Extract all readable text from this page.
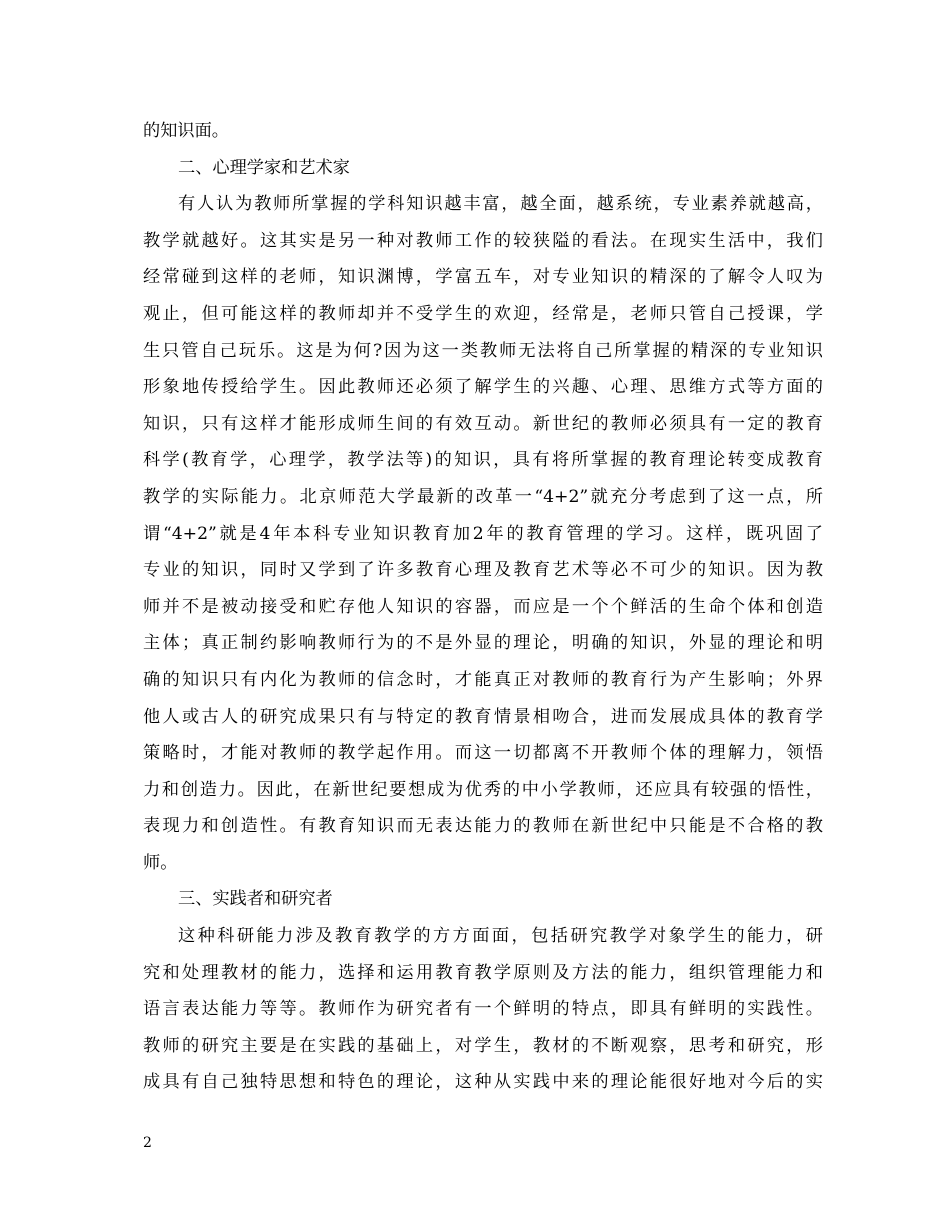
的知识面。
二、心理学家和艺术家
有人认为教师所掌握的学科知识越丰富，越全面，越系统，专业素养就越高，
教学就越好。这其实是另一种对教师工作的较狭隘的看法。在现实生活中，我们
经常碰到这样的老师，知识渊博，学富五车，对专业知识的精深的了解令人叹为
观止，但可能这样的教师却并不受学生的欢迎，经常是，老师只管自己授课，学
生只管自己玩乐。这是为何?因为这一类教师无法将自己所掌握的精深的专业知识
形象地传授给学生。因此教师还必须了解学生的兴趣、心理、思维方式等方面的
知识，只有这样才能形成师生间的有效互动。新世纪的教师必须具有一定的教育
科学(教育学，心理学，教学法等)的知识，具有将所掌握的教育理论转变成教育
教学的实际能力。北京师范大学最新的改革一“4+2”就充分考虑到了这一点，所
谓“4+2”就是4年本科专业知识教育加2年的教育管理的学习。这样，既巩固了
专业的知识，同时又学到了许多教育心理及教育艺术等必不可少的知识。因为教
师并不是被动接受和贮存他人知识的容器，而应是一个个鲜活的生命个体和创造
主体；真正制约影响教师行为的不是外显的理论，明确的知识，外显的理论和明
确的知识只有内化为教师的信念时，才能真正对教师的教育行为产生影响；外界
他人或古人的研究成果只有与特定的教育情景相吻合，进而发展成具体的教育学
策略时，才能对教师的教学起作用。而这一切都离不开教师个体的理解力，领悟
力和创造力。因此，在新世纪要想成为优秀的中小学教师，还应具有较强的悟性，
表现力和创造性。有教育知识而无表达能力的教师在新世纪中只能是不合格的教
师。
三、实践者和研究者
这种科研能力涉及教育教学的方方面面，包括研究教学对象学生的能力，研
究和处理教材的能力，选择和运用教育教学原则及方法的能力，组织管理能力和
语言表达能力等等。教师作为研究者有一个鲜明的特点，即具有鲜明的实践性。
教师的研究主要是在实践的基础上，对学生，教材的不断观察，思考和研究，形
成具有自己独特思想和特色的理论，这种从实践中来的理论能很好地对今后的实
2
